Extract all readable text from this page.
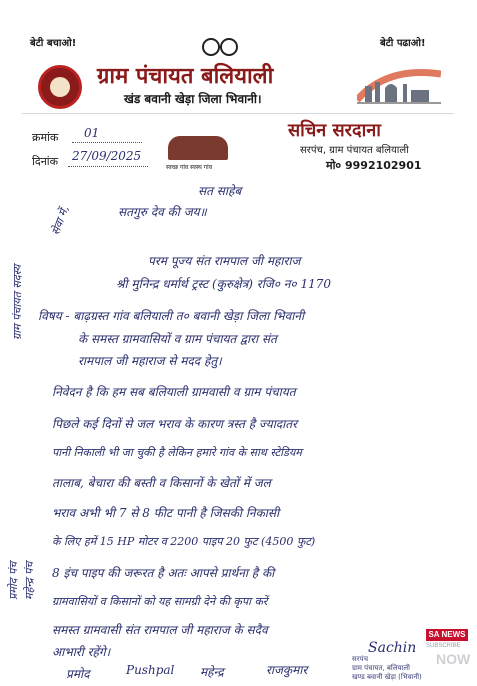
बेटी बचाओ!	बेटी पढाओ!
ग्राम पंचायत बलियाली
खंड बवानी खेड़ा जिला भिवानी।
क्रमांक 01
दिनांक 27/09/2025
स्वच्छ गांव स्वस्थ गांव
सचिन सरदाना
सरपंच, ग्राम पंचायत बलियाली
मो० 9992102901
सत साहेब
सतगुरु देव की जय॥
सेवा में,
परम पूज्य संत रामपाल जी महाराज
श्री मुनिन्द्र धर्मार्थ ट्रस्ट (कुरुक्षेत्र) रजि० न० 1170
विषय - बाढ़ग्रस्त गांव बलियाली त० बवानी खेड़ा जिला भिवानी
के समस्त ग्रामवासियों व ग्राम पंचायत द्वारा संत
रामपाल जी महाराज से मदद हेतु।
निवेदन है कि हम सब बलियाली ग्रामवासी व ग्राम पंचायत
पिछले कई दिनों से जल भराव के कारण त्रस्त है ज्यादातर
पानी निकाली भी जा चुकी है लेकिन हमारे गांव के साथ स्टेडियम
तालाब, बेचारा की बस्ती व किसानों के खेतों में जल
भराव अभी भी 7 से 8 फीट पानी है जिसकी निकासी
के लिए हमें 15 HP मोटर व 2200 पाइप 20 फुट (4500 फुट)
8 इंच पाइप की जरूरत है अतः आपसे प्रार्थना है की
ग्रामवासियों व किसानों को यह सामग्री देने की कृपा करें
समस्त ग्रामवासी संत रामपाल जी महाराज के सदैव
आभारी रहेंगे।
प्रमोद	Pushpal महेन्द्र	राजकुमार
Sachin
सरपंच
ग्राम पंचायत, बलियाली
खण्ड बवानी खेड़ा (भिवानी)
ग्राम पंचायत सदस्य
प्रमोद पंच महेन्द्र पंच
SA NEWS
SUBSCRIBE
NOW
